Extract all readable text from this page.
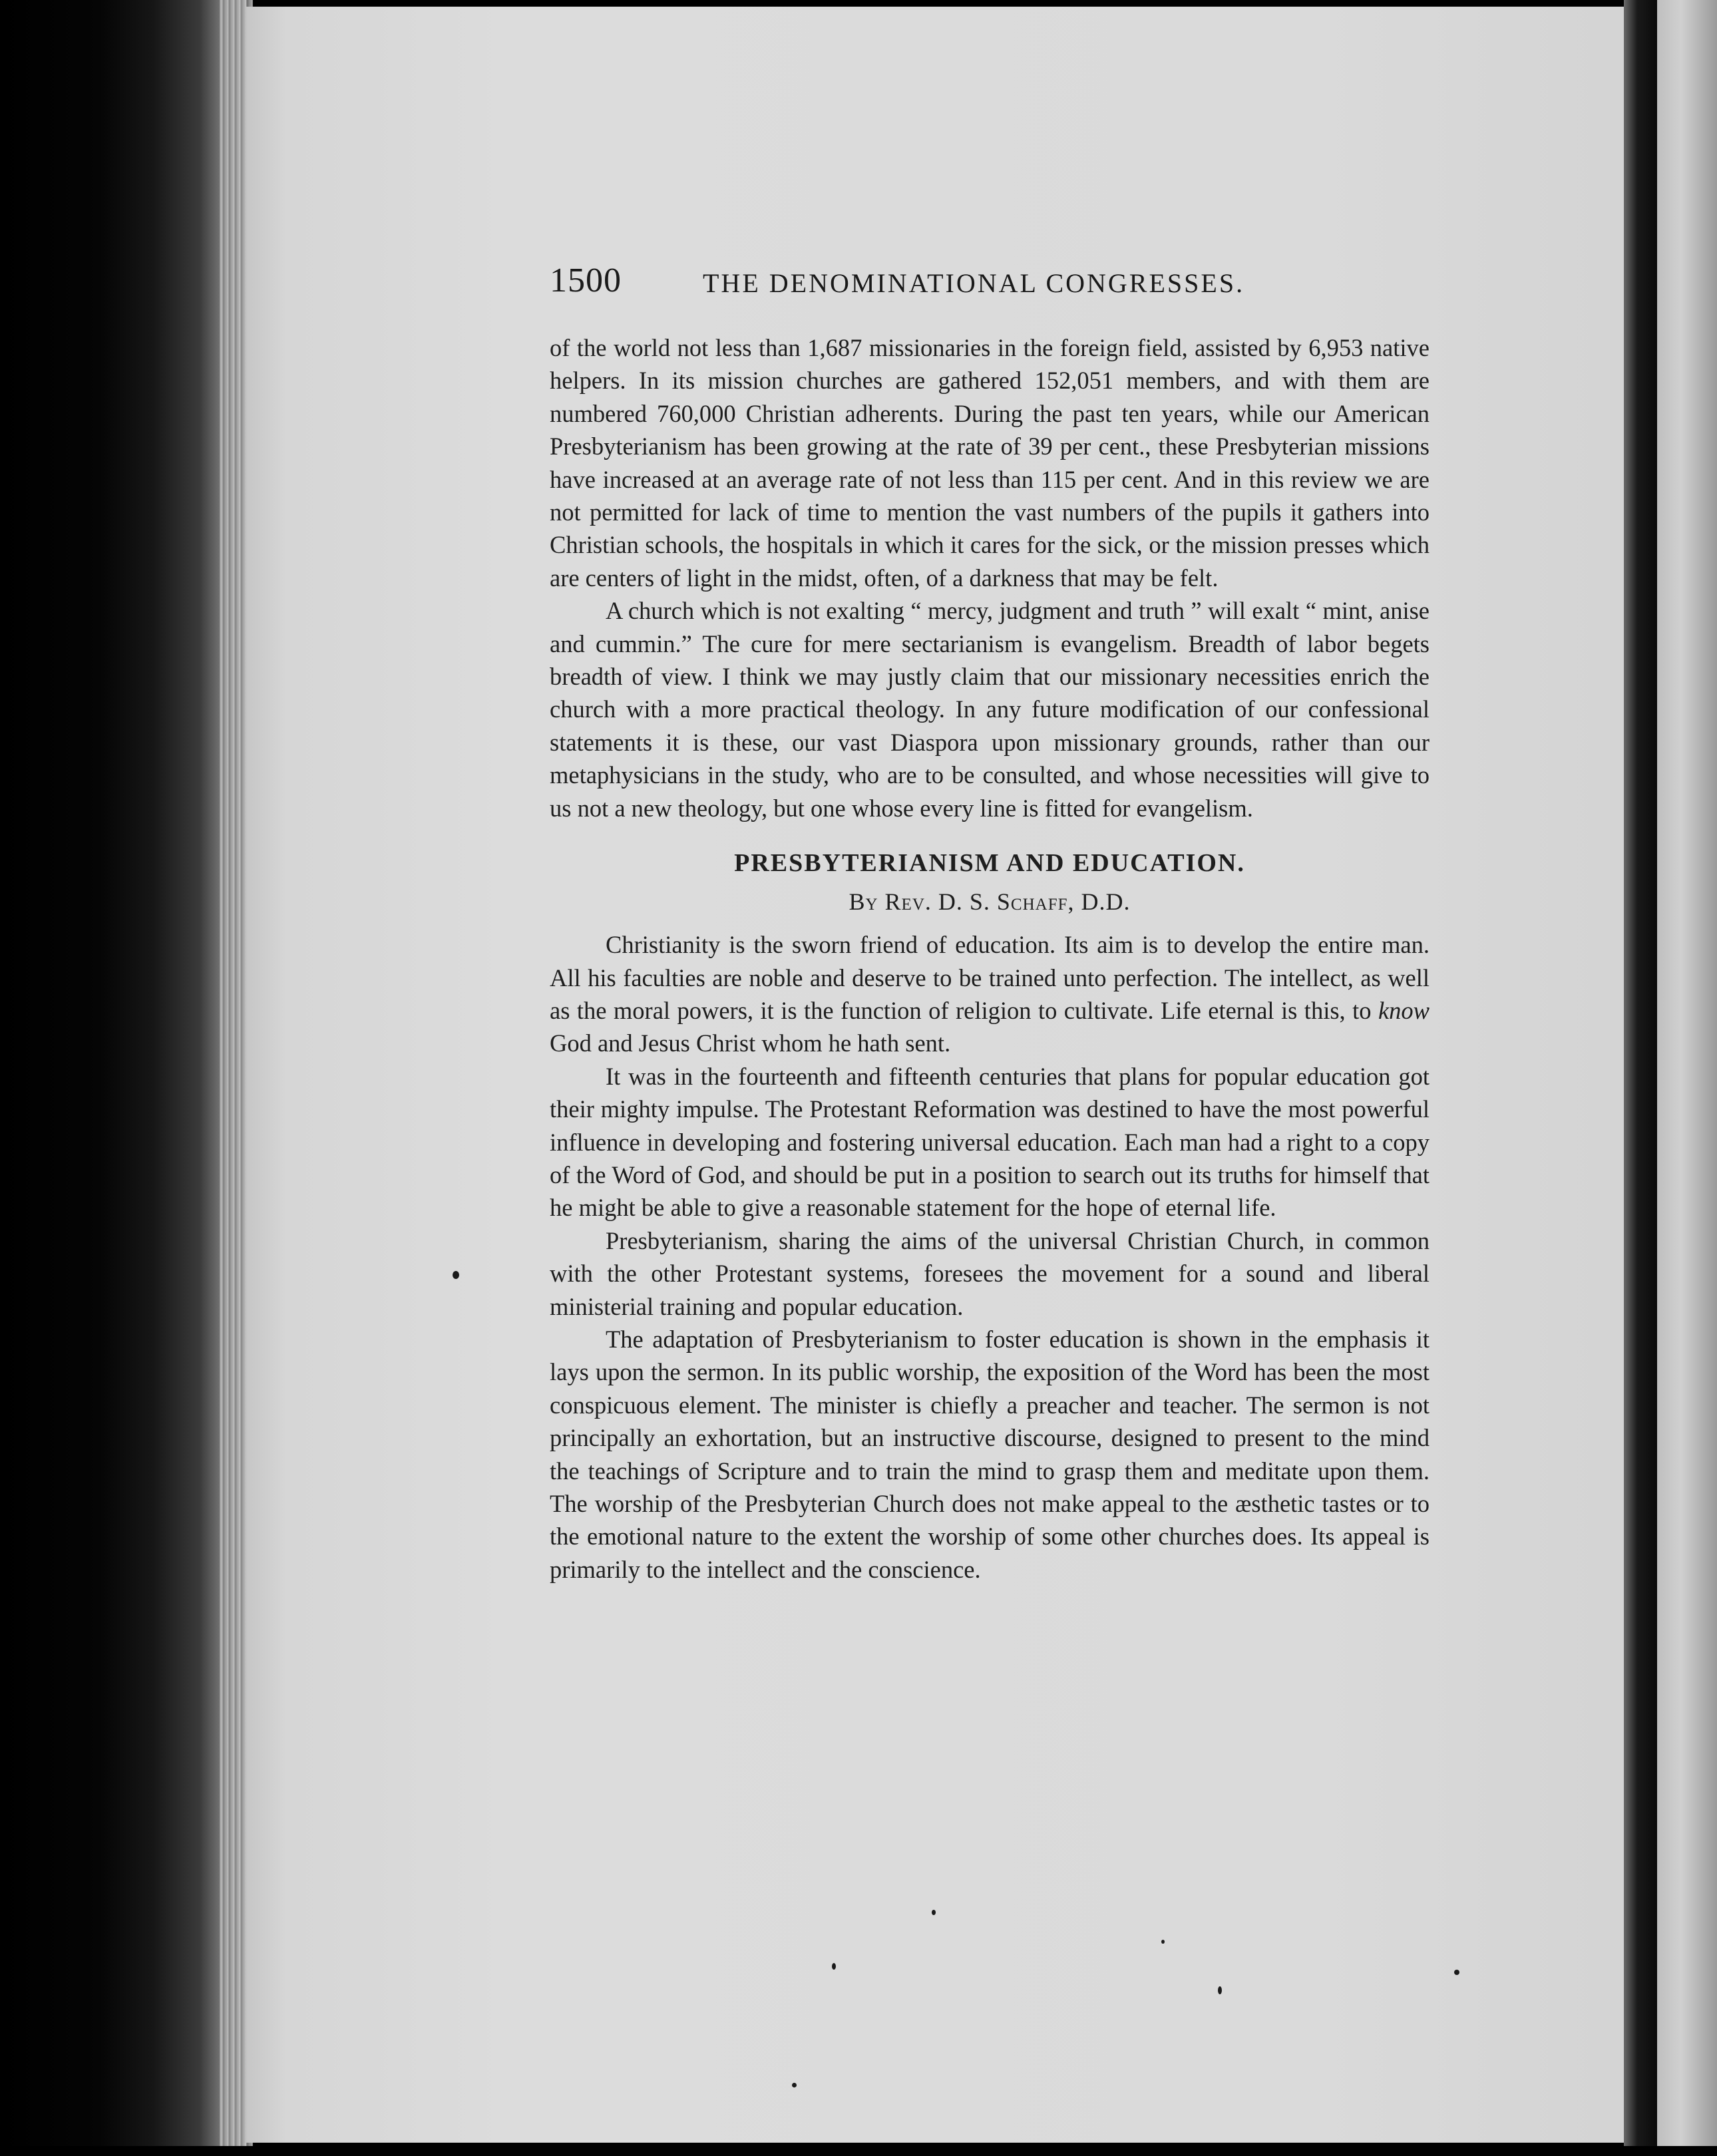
1500	THE DENOMINATIONAL CONGRESSES.

of the world not less than 1,687 missionaries in the foreign field, assisted by 6,953 native helpers. In its mission churches are gathered 152,051 members, and with them are numbered 760,000 Christian adherents. During the past ten years, while our American Presbyterianism has been growing at the rate of 39 per cent., these Presbyterian missions have increased at an average rate of not less than 115 per cent. And in this review we are not permitted for lack of time to mention the vast numbers of the pupils it gathers into Christian schools, the hospitals in which it cares for the sick, or the mission presses which are centers of light in the midst, often, of a darkness that may be felt.

A church which is not exalting “ mercy, judgment and truth ” will exalt “ mint, anise and cummin.” The cure for mere sectarianism is evangelism. Breadth of labor begets breadth of view. I think we may justly claim that our missionary necessities enrich the church with a more practical theology. In any future modification of our confessional statements it is these, our vast Diaspora upon missionary grounds, rather than our metaphysicians in the study, who are to be consulted, and whose necessities will give to us not a new theology, but one whose every line is fitted for evangelism.

PRESBYTERIANISM AND EDUCATION.
By Rev. D. S. Schaff, D.D.

Christianity is the sworn friend of education. Its aim is to develop the entire man. All his faculties are noble and deserve to be trained unto perfection. The intellect, as well as the moral powers, it is the function of religion to cultivate. Life eternal is this, to know God and Jesus Christ whom he hath sent.

It was in the fourteenth and fifteenth centuries that plans for popular education got their mighty impulse. The Protestant Reformation was destined to have the most powerful influence in developing and fostering universal education. Each man had a right to a copy of the Word of God, and should be put in a position to search out its truths for himself that he might be able to give a reasonable statement for the hope of eternal life.

Presbyterianism, sharing the aims of the universal Christian Church, in common with the other Protestant systems, foresees the movement for a sound and liberal ministerial training and popular education.

The adaptation of Presbyterianism to foster education is shown in the emphasis it lays upon the sermon. In its public worship, the exposition of the Word has been the most conspicuous element. The minister is chiefly a preacher and teacher. The sermon is not principally an exhortation, but an instructive discourse, designed to present to the mind the teachings of Scripture and to train the mind to grasp them and meditate upon them. The worship of the Presbyterian Church does not make appeal to the æsthetic tastes or to the emotional nature to the extent the worship of some other churches does. Its appeal is primarily to the intellect and the conscience.
